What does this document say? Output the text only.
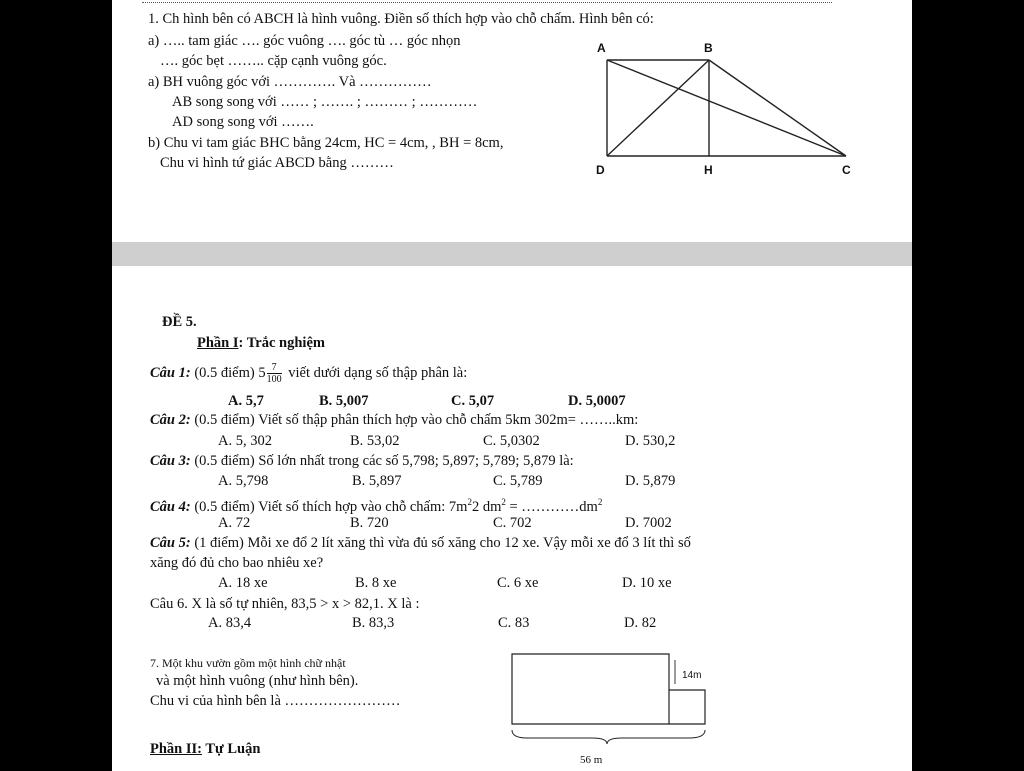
1. Ch hình bên có ABCH là hình vuông. Điền số thích hợp vào chỗ chấm. Hình bên có:
a) ….. tam giác …. góc vuông …. góc tù … góc nhọn
…. góc bẹt …….. cặp cạnh vuông góc.
a) BH vuông góc với …………. Và ……………
AB song song với …… ; ……. ; ……… ; …………
AD song song với …….
b) Chu vi tam giác BHC bằng 24cm, HC = 4cm, , BH = 8cm,
Chu vi hình tứ giác ABCD bằng ………
A	B
D	H	C
ĐỀ 5.
Phần I: Trắc nghiệm
Câu 1: (0.5 điểm) $5 \frac{7}{100}$ viết dưới dạng số thập phân là:
A. 5,7	B. 5,007	C. 5,07	D. 5,0007
Câu 2: (0.5 điểm) Viết số thập phân thích hợp vào chỗ chấm 5km 302m= ……..km:
A. 5, 302	B. 53,02	C. 5,0302	D. 530,2
Câu 3: (0.5 điểm) Số lớn nhất trong các số 5,798; 5,897; 5,789; 5,879 là:
A. 5,798	B. 5,897	C. 5,789	D. 5,879
Câu 4: (0.5 điểm) Viết số thích hợp vào chỗ chấm: $7m^22$ $dm^2$ = $\dots\dots\dots\dots dm^2$
A. 72	B. 720	C. 702	D. 7002
Câu 5: (1 điểm) Mỗi xe đổ 2 lít xăng thì vừa đủ số xăng cho 12 xe. Vậy mỗi xe đổ 3 lít thì số
xăng đó đủ cho bao nhiêu xe?
A. 18 xe	B. 8 xe	C. 6 xe	D. 10 xe
Câu 6. X là số tự nhiên, 83,5 > x > 82,1. X là :
A. 83,4	B. 83,3	C. 83	D. 82
7. Một khu vườn gồm một hình chữ nhật
và một hình vuông (như hình bên).
Chu vi của hình bên là ……………………
14m
56 m
Phần II: Tự Luận
